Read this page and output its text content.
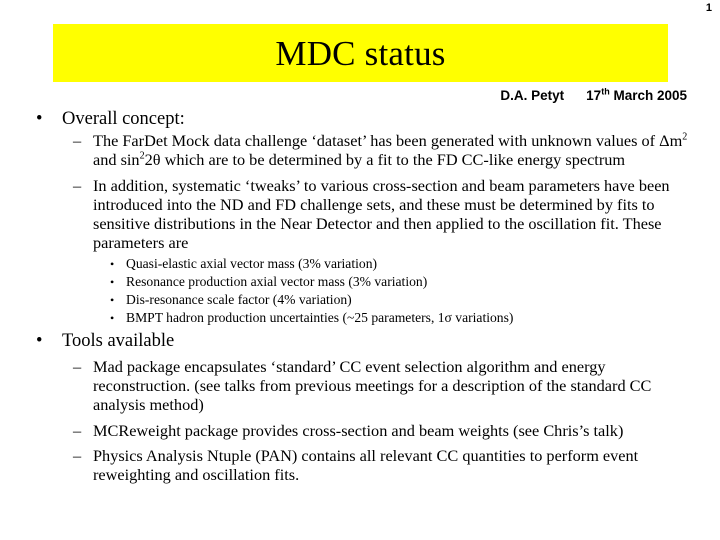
1
MDC status
D.A. Petyt 17th March 2005
• Overall concept:
– The FarDet Mock data challenge ‘dataset’ has been generated with unknown values of $\Delta m^2$ and $\sin^22\theta$ which are to be determined by a fit to the FD CC-like energy spectrum
– In addition, systematic ‘tweaks’ to various cross-section and beam parameters have been introduced into the ND and FD challenge sets, and these must be determined by fits to sensitive distributions in the Near Detector and then applied to the oscillation fit. These parameters are
• Quasi-elastic axial vector mass (3% variation)
• Resonance production axial vector mass (3% variation)
• Dis-resonance scale factor (4% variation)
• BMPT hadron production uncertainties (~25 parameters, 1σ variations)
• Tools available
– Mad package encapsulates ‘standard’ CC event selection algorithm and energy reconstruction. (see talks from previous meetings for a description of the standard CC analysis method)
– MCReweight package provides cross-section and beam weights (see Chris’s talk)
– Physics Analysis Ntuple (PAN) contains all relevant CC quantities to perform event reweighting and oscillation fits.
